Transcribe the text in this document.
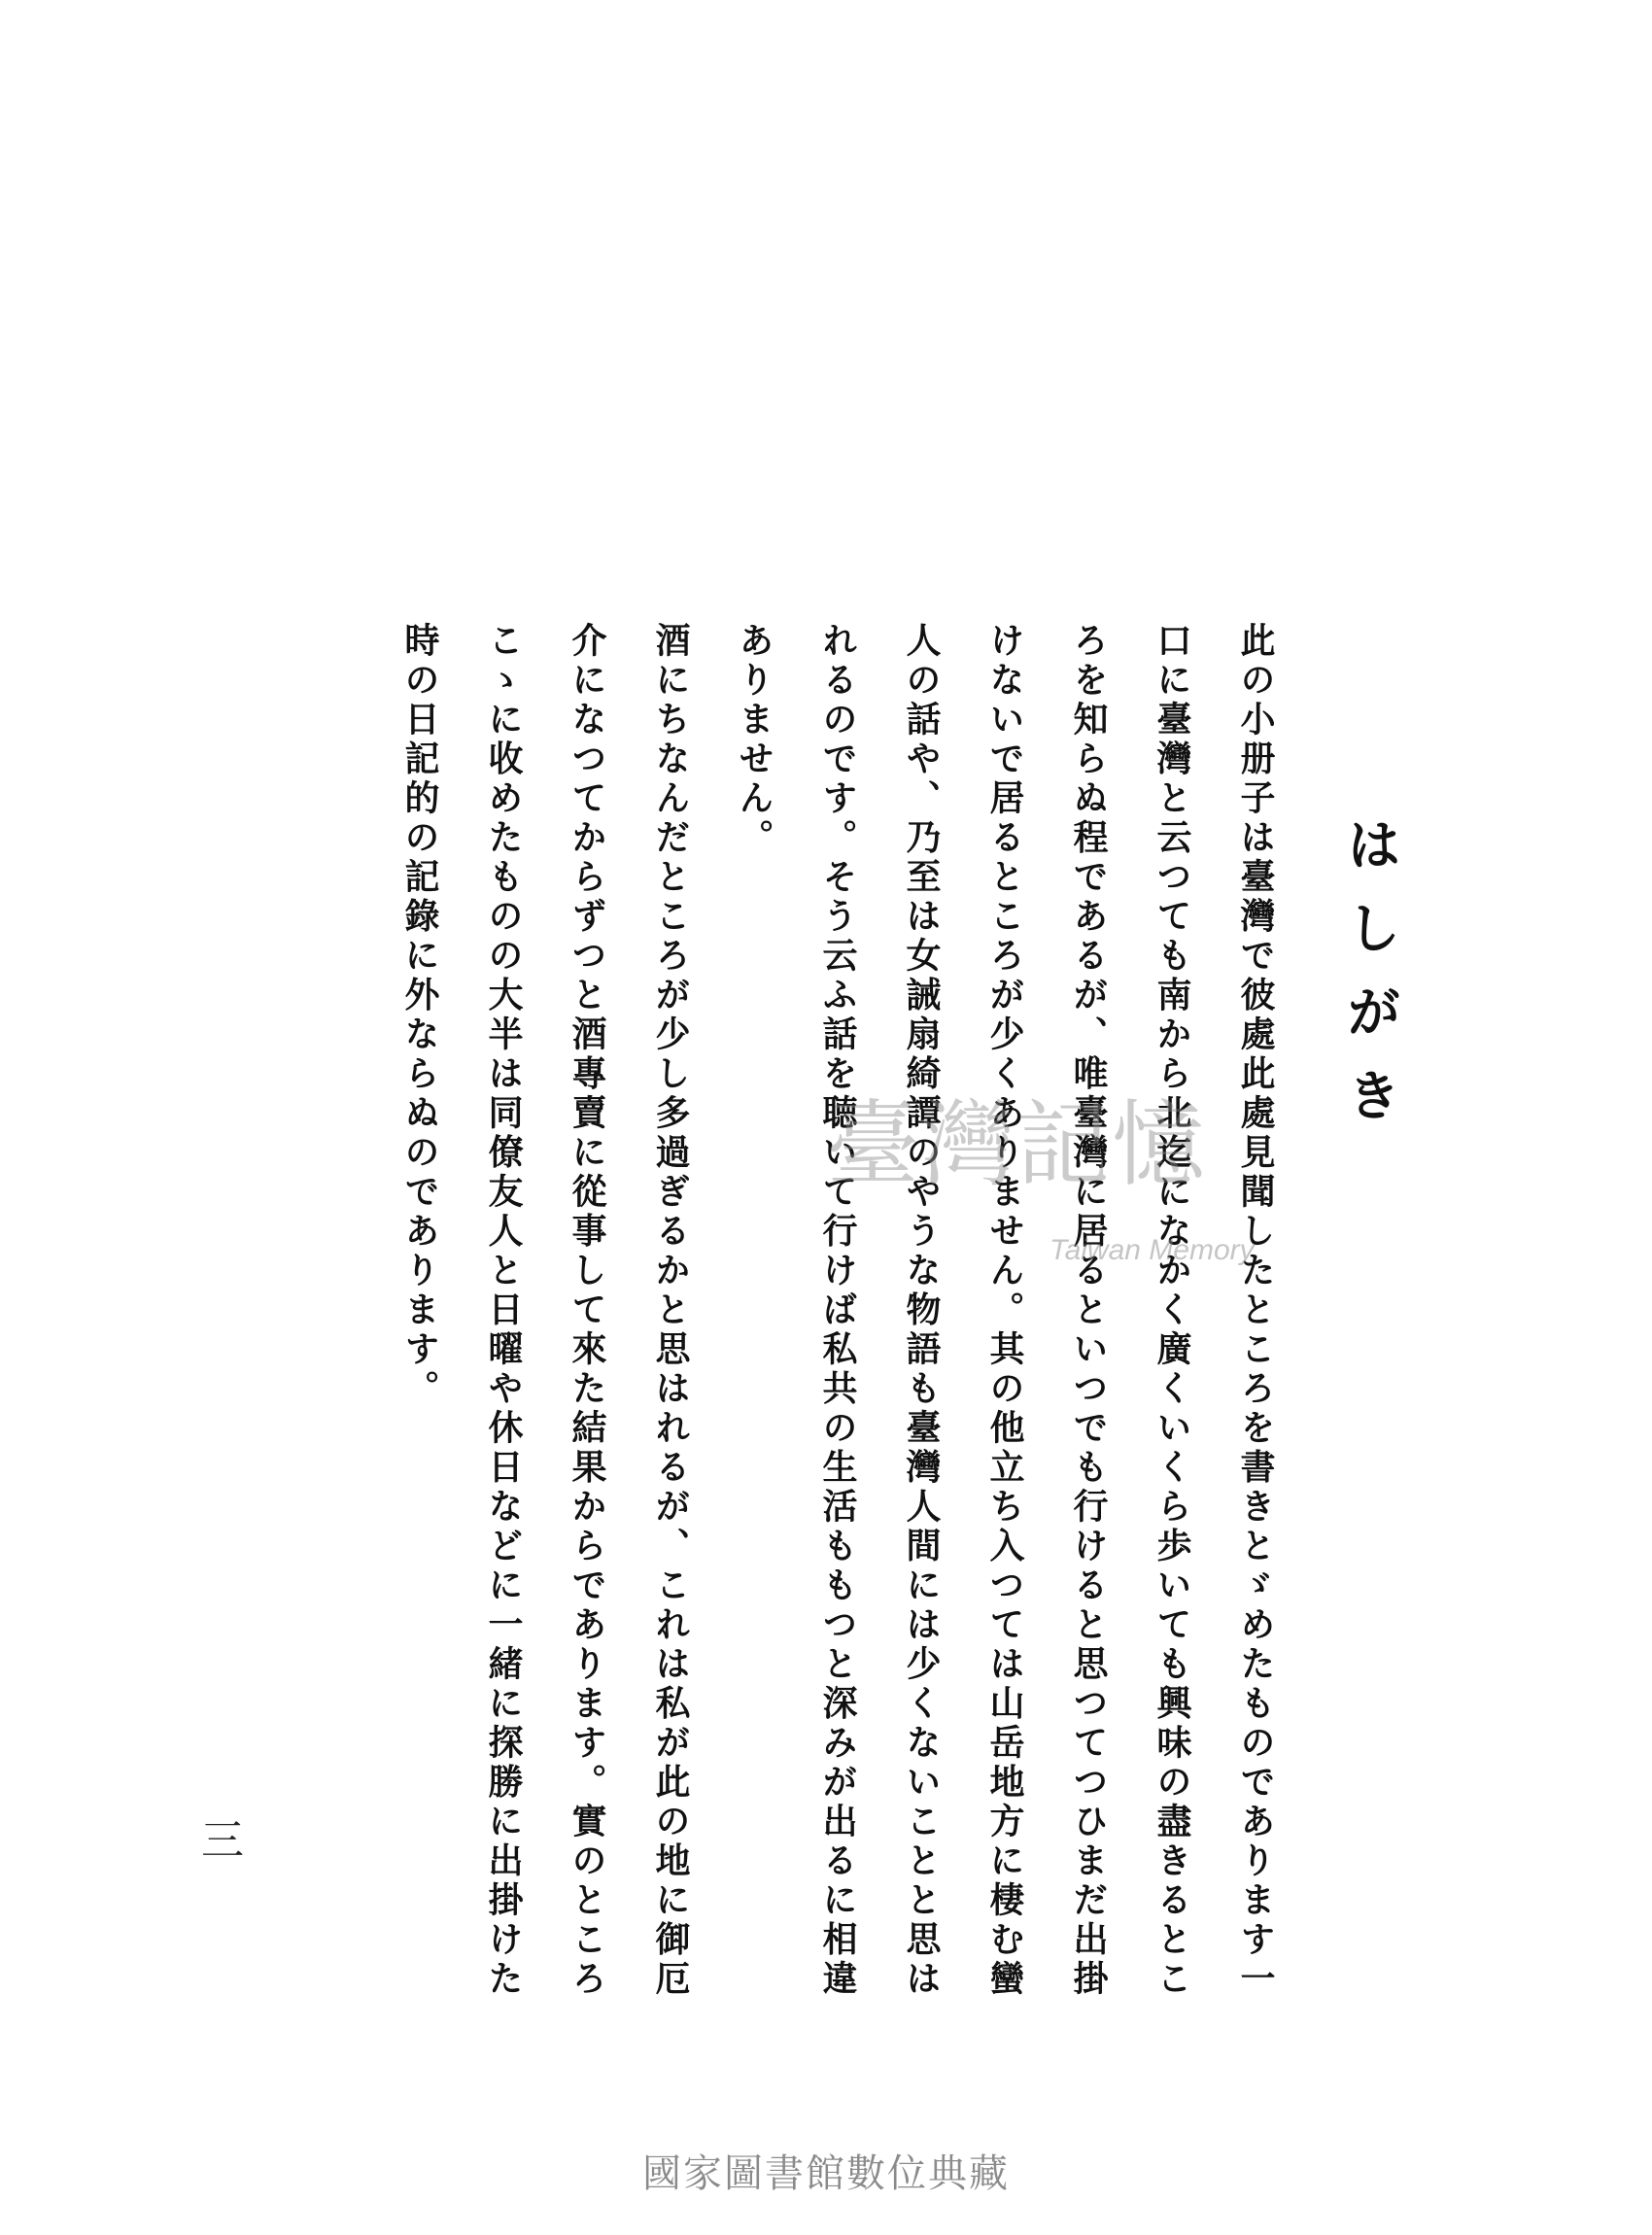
はしがき

此の小册子は臺灣で彼處此處見聞したところを書きとゞめたものであります一口に臺灣と云つても南から北迄になかく廣くいくら歩いても興味の盡きるところを知らぬ程であるが、唯臺灣に居るといつでも行けると思つてつひまだ出掛けないで居るところが少くありません。其の他立ち入つては山岳地方に棲む蠻人の話や、乃至は女誡扇綺譚のやうな物語も臺灣人間には少くないことと思はれるのです。そう云ふ話を聴いて行けば私共の生活ももつと深みが出るに相違ありません。

酒にちなんだところが少し多過ぎるかと思はれるが、これは私が此の地に御厄介になつてからずつと酒專賣に從事して來た結果からであります。實のところこゝに收めたものの大半は同僚友人と日曜や休日などに一緒に探勝に出掛けた時の日記的の記錄に外ならぬのであります。	臺灣記憶
Taiwan Memory
三
國家圖書館數位典藏
